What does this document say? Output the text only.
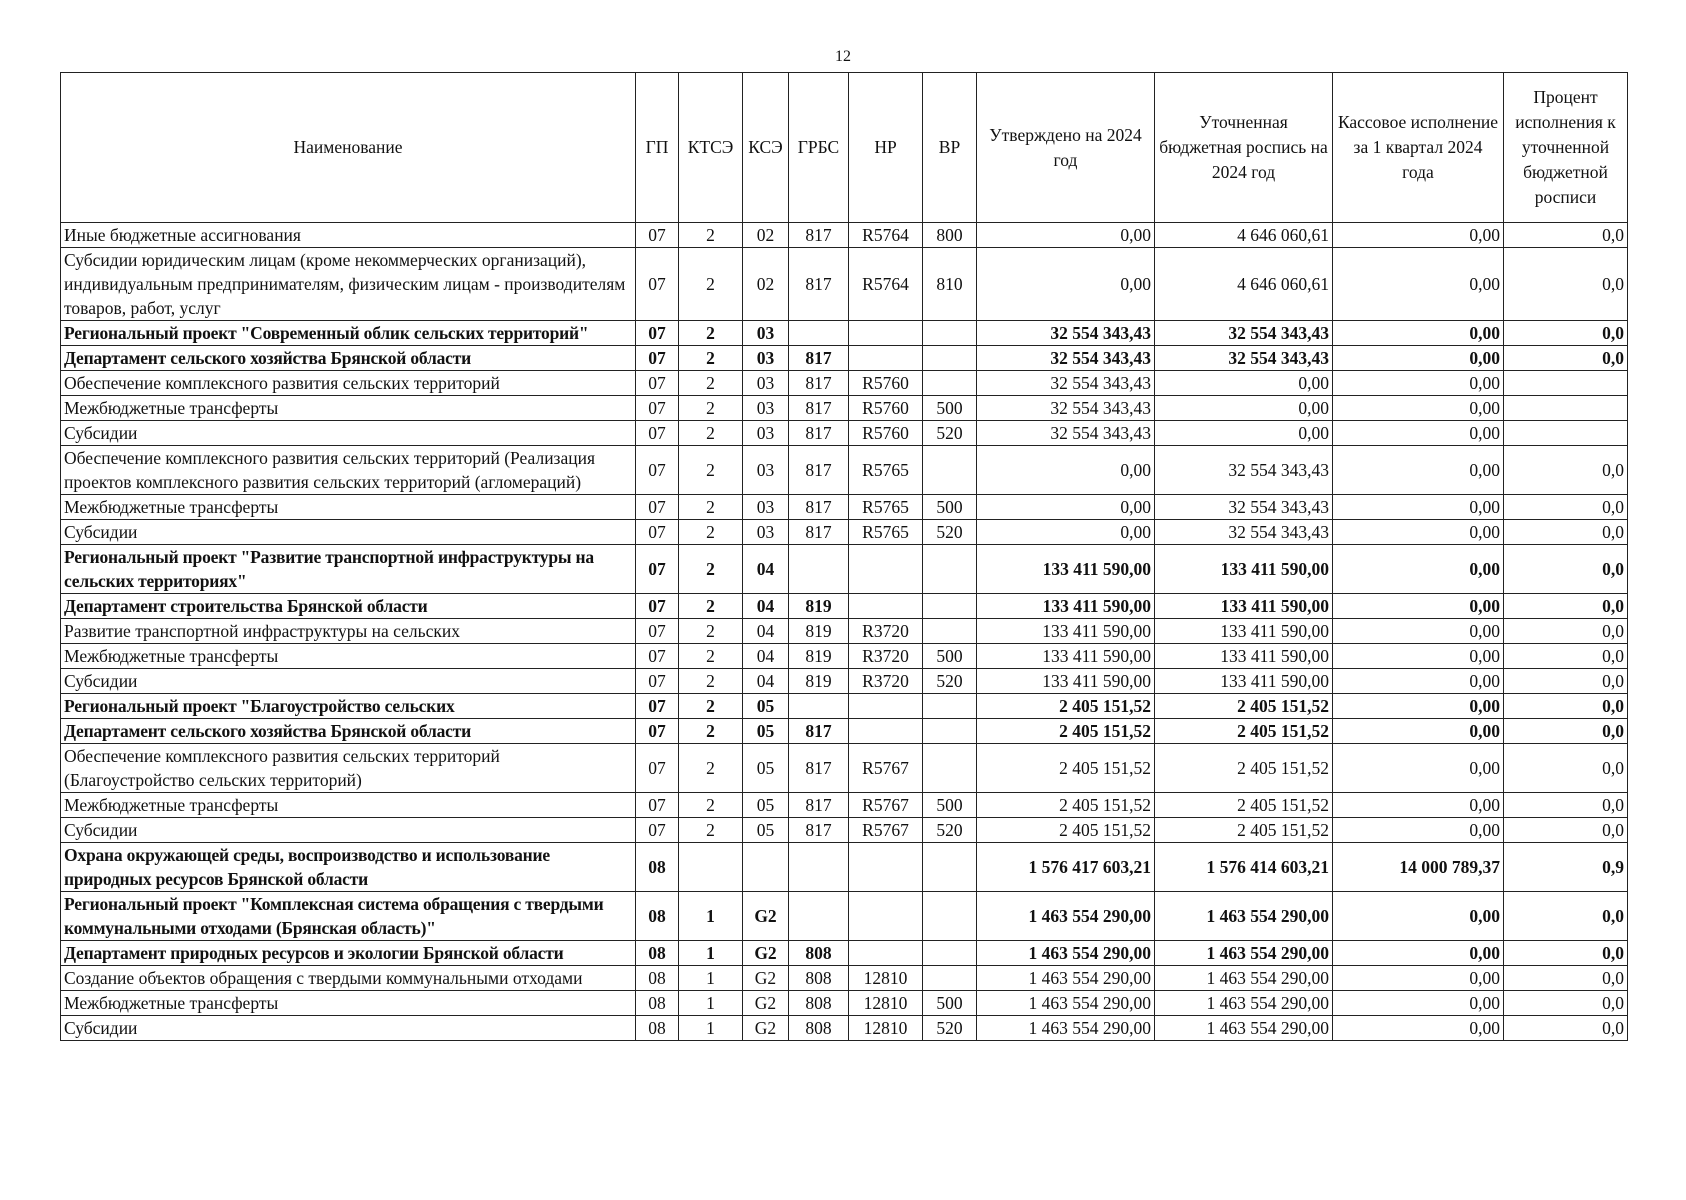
12
Наименование	ГП	КТСЭ	КСЭ	ГРБС	НР	ВР	Утверждено на 2024 год	Уточненная бюджетная роспись на 2024 год	Кассовое исполнение за 1 квартал 2024 года	Процент исполнения к уточненной бюджетной росписи
Иные бюджетные ассигнования	07	2	02	817	R5764	800	0,00	4 646 060,61	0,00	0,0
Субсидии юридическим лицам (кроме некоммерческих организаций), индивидуальным предпринимателям, физическим лицам - производителям товаров, работ, услуг	07	2	02	817	R5764	810	0,00	4 646 060,61	0,00	0,0
Региональный проект "Современный облик сельских территорий"	07	2	03				32 554 343,43	32 554 343,43	0,00	0,0
Департамент сельского хозяйства Брянской области	07	2	03	817			32 554 343,43	32 554 343,43	0,00	0,0
Обеспечение комплексного развития сельских территорий	07	2	03	817	R5760		32 554 343,43	0,00	0,00	
Межбюджетные трансферты	07	2	03	817	R5760	500	32 554 343,43	0,00	0,00	
Субсидии	07	2	03	817	R5760	520	32 554 343,43	0,00	0,00	
Обеспечение комплексного развития сельских территорий (Реализация проектов комплексного развития сельских территорий (агломераций)	07	2	03	817	R5765		0,00	32 554 343,43	0,00	0,0
Межбюджетные трансферты	07	2	03	817	R5765	500	0,00	32 554 343,43	0,00	0,0
Субсидии	07	2	03	817	R5765	520	0,00	32 554 343,43	0,00	0,0
Региональный проект "Развитие транспортной инфраструктуры на сельских территориях"	07	2	04				133 411 590,00	133 411 590,00	0,00	0,0
Департамент строительства Брянской области	07	2	04	819			133 411 590,00	133 411 590,00	0,00	0,0
Развитие транспортной инфраструктуры на сельских	07	2	04	819	R3720		133 411 590,00	133 411 590,00	0,00	0,0
Межбюджетные трансферты	07	2	04	819	R3720	500	133 411 590,00	133 411 590,00	0,00	0,0
Субсидии	07	2	04	819	R3720	520	133 411 590,00	133 411 590,00	0,00	0,0
Региональный проект "Благоустройство сельских	07	2	05				2 405 151,52	2 405 151,52	0,00	0,0
Департамент сельского хозяйства Брянской области	07	2	05	817			2 405 151,52	2 405 151,52	0,00	0,0
Обеспечение комплексного развития сельских территорий (Благоустройство сельских территорий)	07	2	05	817	R5767		2 405 151,52	2 405 151,52	0,00	0,0
Межбюджетные трансферты	07	2	05	817	R5767	500	2 405 151,52	2 405 151,52	0,00	0,0
Субсидии	07	2	05	817	R5767	520	2 405 151,52	2 405 151,52	0,00	0,0
Охрана окружающей среды, воспроизводство и использование природных ресурсов Брянской области	08						1 576 417 603,21	1 576 414 603,21	14 000 789,37	0,9
Региональный проект "Комплексная система обращения с твердыми коммунальными отходами (Брянская область)"	08	1	G2				1 463 554 290,00	1 463 554 290,00	0,00	0,0
Департамент природных ресурсов и экологии Брянской области	08	1	G2	808			1 463 554 290,00	1 463 554 290,00	0,00	0,0
Создание объектов обращения с твердыми коммунальными отходами	08	1	G2	808	12810		1 463 554 290,00	1 463 554 290,00	0,00	0,0
Межбюджетные трансферты	08	1	G2	808	12810	500	1 463 554 290,00	1 463 554 290,00	0,00	0,0
Субсидии	08	1	G2	808	12810	520	1 463 554 290,00	1 463 554 290,00	0,00	0,0
